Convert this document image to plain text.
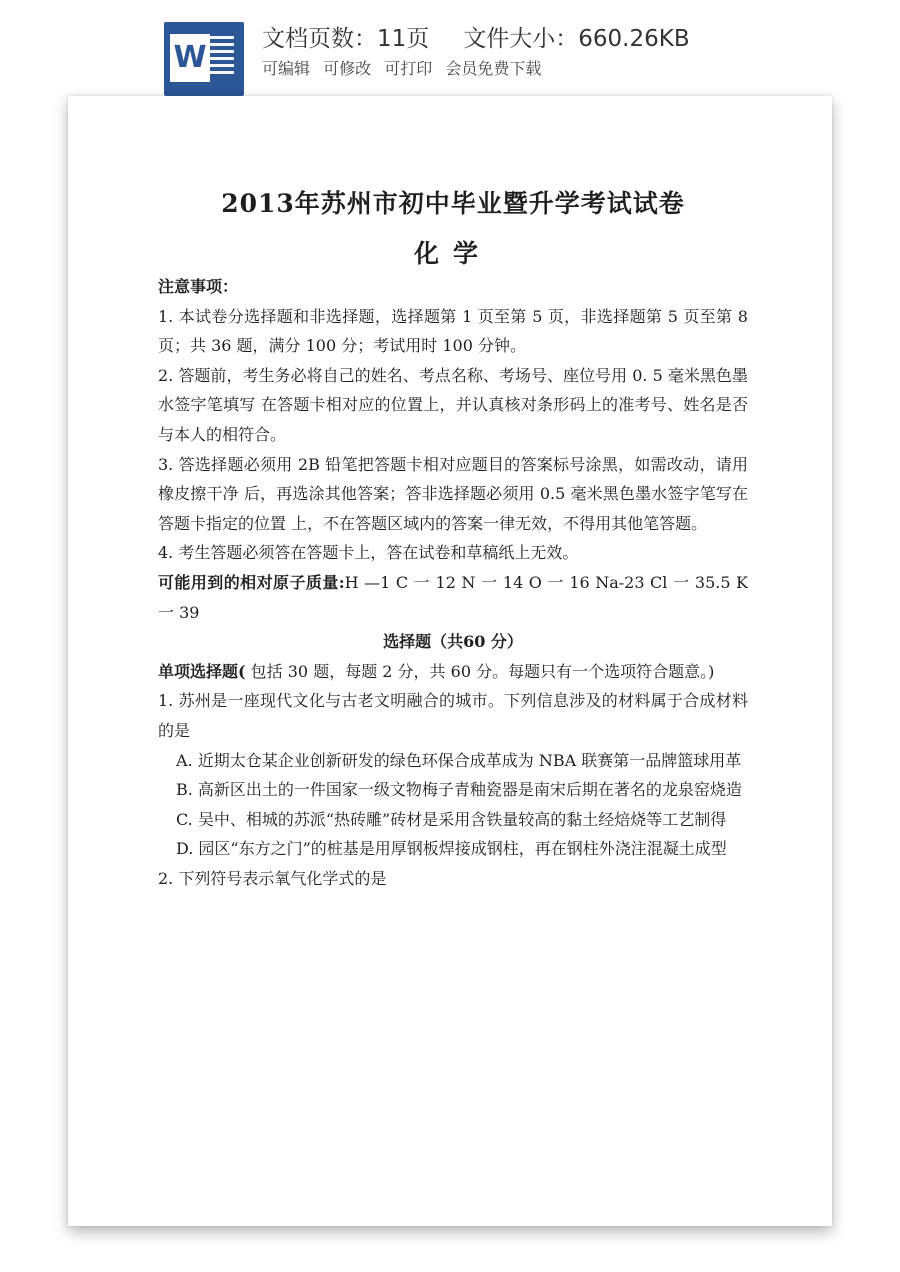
W
文档页数：11页 文件大小：660.26KB
可编辑 可修改 可打印 会员免费下载
2013年苏州市初中毕业暨升学考试试卷
化学

注意事项：

1. 本试卷分选择题和非选择题，选择题第 1 页至第 5 页，非选择题第 5 页至第 8 页；共 36 题，满分 100 分；考试用时 100 分钟。

2. 答题前，考生务必将自己的姓名、考点名称、考场号、座位号用 0. 5 毫米黑色墨水签字笔填写 在答题卡相对应的位置上，并认真核对条形码上的准考号、姓名是否与本人的相符合。

3. 答选择题必须用 2B 铅笔把答题卡相对应题目的答案标号涂黑，如需改动，请用橡皮擦干净 后，再选涂其他答案；答非选择题必须用 0.5 毫米黑色墨水签字笔写在答题卡指定的位置 上，不在答题区域内的答案一律无效，不得用其他笔答题。

4. 考生答题必须答在答题卡上，答在试卷和草稿纸上无效。

可能用到的相对原子质量:H —1 C 一 12 N 一 14 O 一 16 Na-23 Cl 一 35.5 K 一 39

选择题（共60 分）

单项选择题( 包括 30 题，每题 2 分，共 60 分。每题只有一个选项符合题意。)

1. 苏州是一座现代文化与古老文明融合的城市。下列信息涉及的材料属于合成材料的是

A. 近期太仓某企业创新研发的绿色环保合成革成为 NBA 联赛第一品牌篮球用革

B. 高新区出土的一件国家一级文物梅子青釉瓷器是南宋后期在著名的龙泉窑烧造

C. 吴中、相城的苏派“热砖雕”砖材是采用含铁量较高的黏土经焙烧等工艺制得

D. 园区“东方之门”的桩基是用厚钢板焊接成钢柱，再在钢柱外浇注混凝土成型

2. 下列符号表示氧气化学式的是
